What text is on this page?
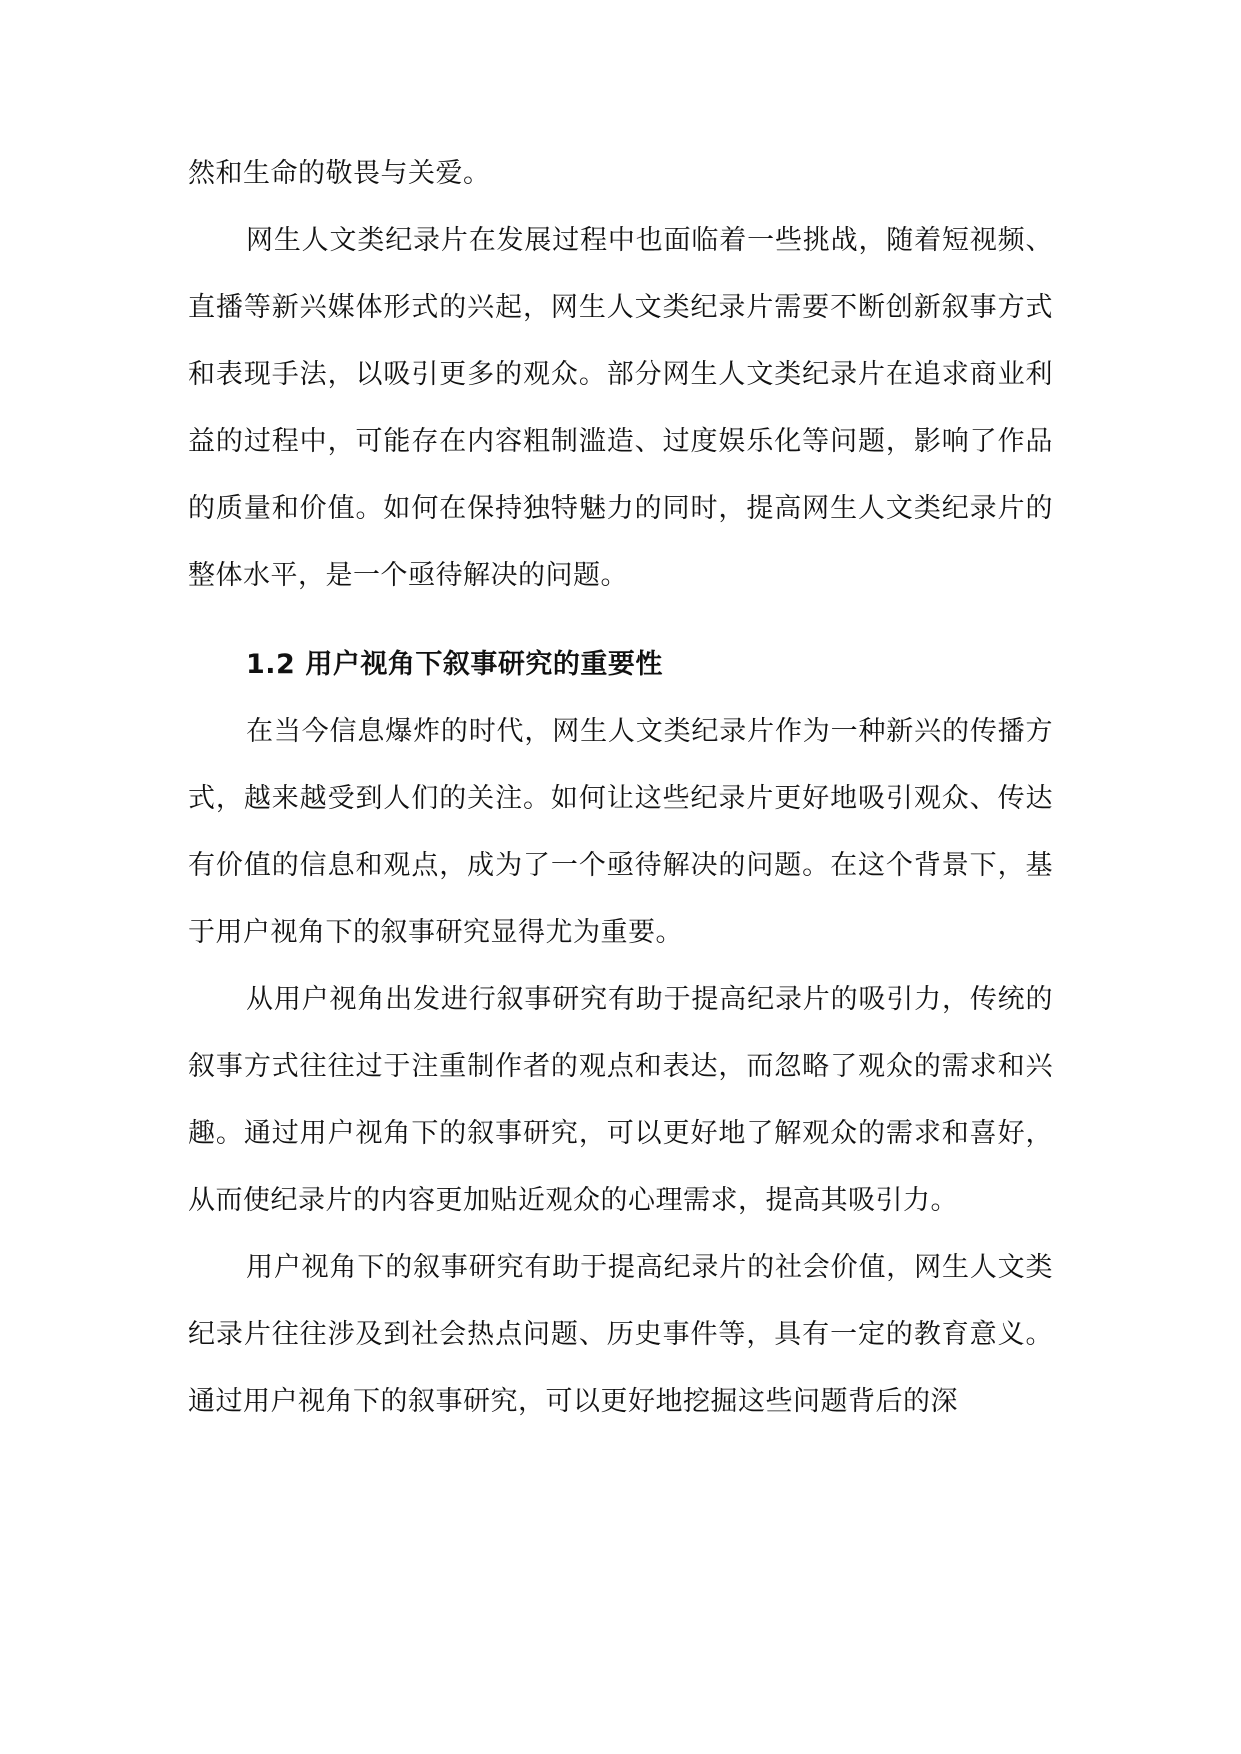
然和生命的敬畏与关爱。

网生人文类纪录片在发展过程中也面临着一些挑战，随着短视频、直播等新兴媒体形式的兴起，网生人文类纪录片需要不断创新叙事方式和表现手法，以吸引更多的观众。部分网生人文类纪录片在追求商业利益的过程中，可能存在内容粗制滥造、过度娱乐化等问题，影响了作品的质量和价值。如何在保持独特魅力的同时，提高网生人文类纪录片的整体水平，是一个亟待解决的问题。

1.2 用户视角下叙事研究的重要性

在当今信息爆炸的时代，网生人文类纪录片作为一种新兴的传播方式，越来越受到人们的关注。如何让这些纪录片更好地吸引观众、传达有价值的信息和观点，成为了一个亟待解决的问题。在这个背景下，基于用户视角下的叙事研究显得尤为重要。

从用户视角出发进行叙事研究有助于提高纪录片的吸引力，传统的叙事方式往往过于注重制作者的观点和表达，而忽略了观众的需求和兴趣。通过用户视角下的叙事研究，可以更好地了解观众的需求和喜好，从而使纪录片的内容更加贴近观众的心理需求，提高其吸引力。

用户视角下的叙事研究有助于提高纪录片的社会价值，网生人文类纪录片往往涉及到社会热点问题、历史事件等，具有一定的教育意义。通过用户视角下的叙事研究，可以更好地挖掘这些问题背后的深
